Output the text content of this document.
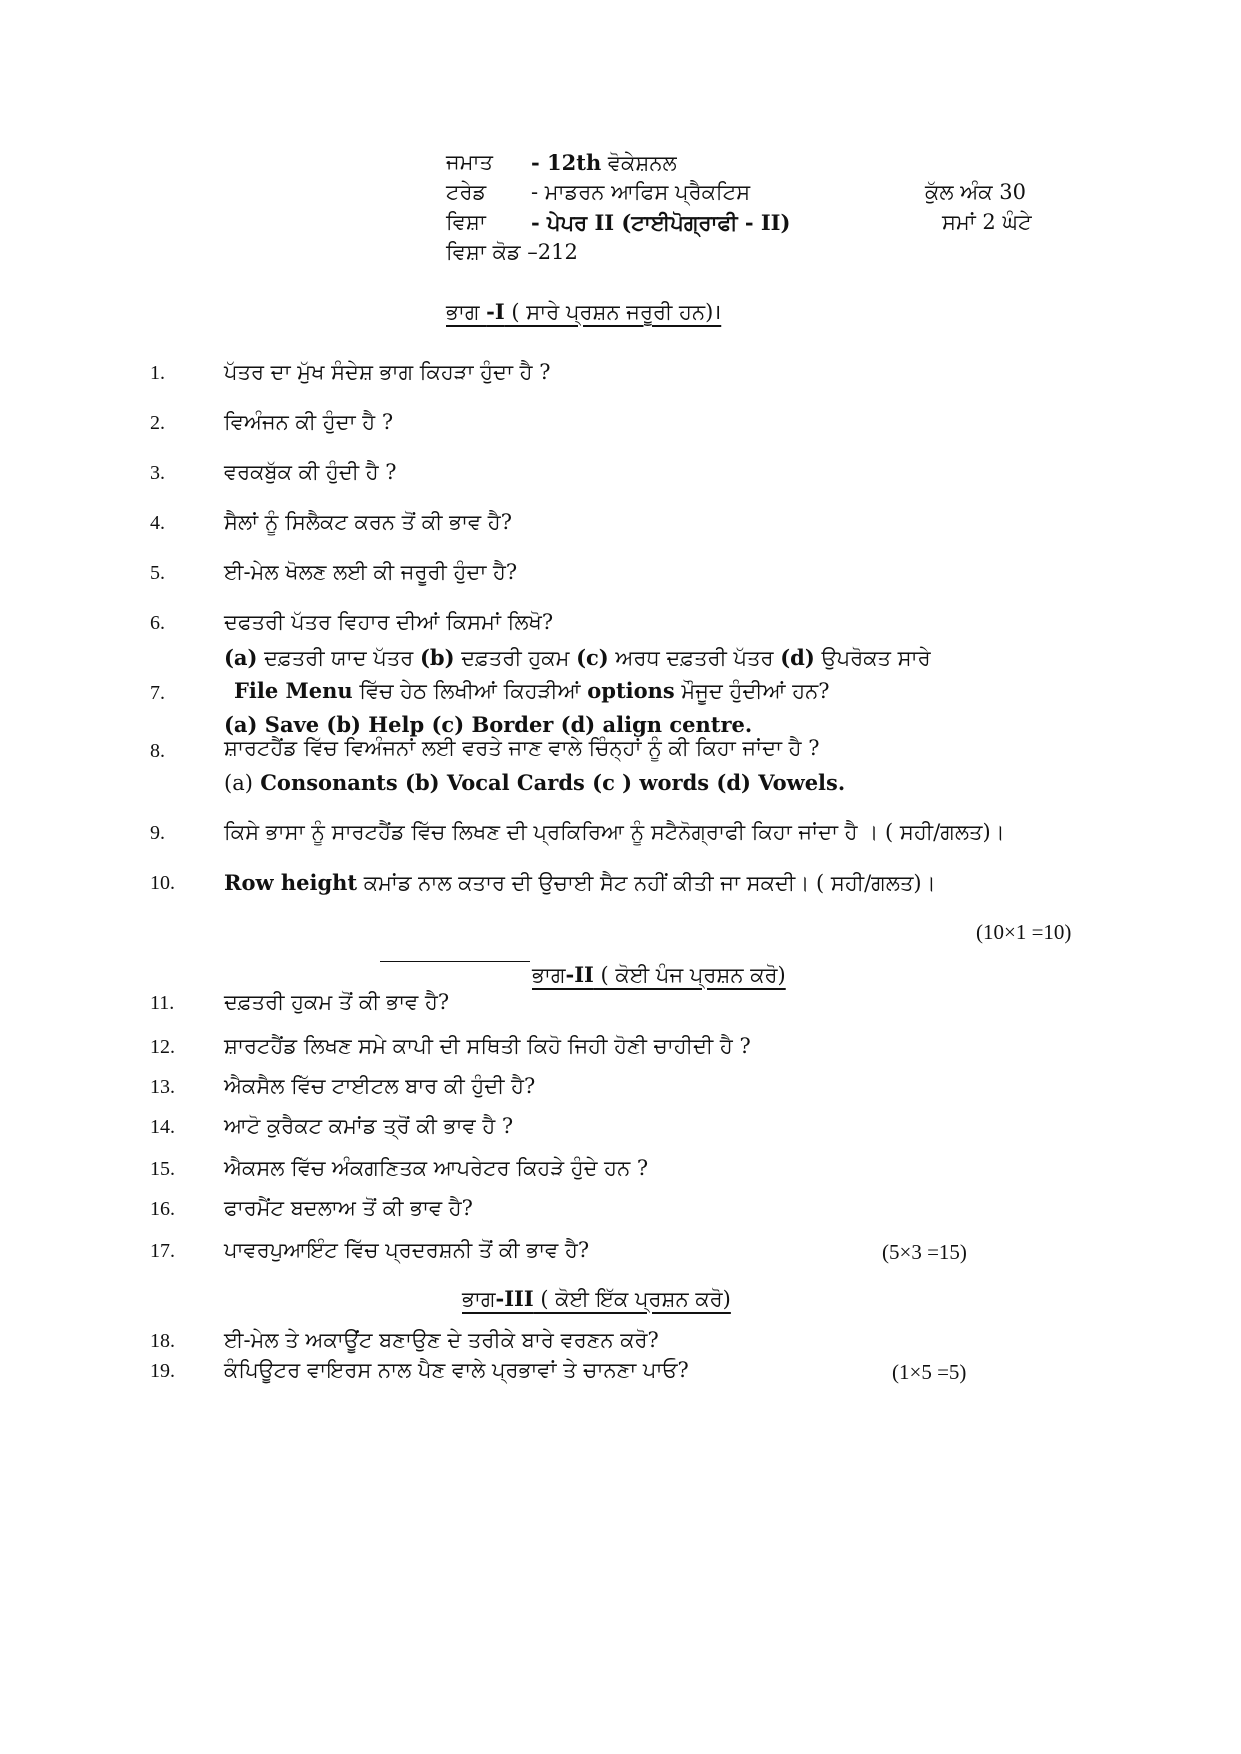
ਜਮਾਤ - 12th ਵੋਕੇਸ਼ਨਲ
ਟਰੇਡ - ਮਾਡਰਨ ਆਫਿਸ ਪ੍ਰੈਕਟਿਸ	ਕੁੱਲ ਅੰਕ 30
ਵਿਸ਼ਾ - ਪੇਪਰ II (ਟਾਈਪੋਗ੍ਰਾਫੀ - II)	ਸਮਾਂ 2 ਘੰਟੇ
ਵਿਸ਼ਾ ਕੋਡ –212
ਭਾਗ -I ( ਸਾਰੇ ਪ੍ਰਸ਼ਨ ਜਰੂਰੀ ਹਨ)।
1.	ਪੱਤਰ ਦਾ ਮੁੱਖ ਸੰਦੇਸ਼ ਭਾਗ ਕਿਹੜਾ ਹੁੰਦਾ ਹੈ ?
2.	ਵਿਅੰਜਨ ਕੀ ਹੁੰਦਾ ਹੈ ?
3.	ਵਰਕਬੁੱਕ ਕੀ ਹੁੰਦੀ ਹੈ ?
4.	ਸੈਲਾਂ ਨੂੰ ਸਿਲੈਕਟ ਕਰਨ ਤੋਂ ਕੀ ਭਾਵ ਹੈ?
5.	ਈ-ਮੇਲ ਖੋਲਣ ਲਈ ਕੀ ਜਰੂਰੀ ਹੁੰਦਾ ਹੈ?
6.	ਦਫਤਰੀ ਪੱਤਰ ਵਿਹਾਰ ਦੀਆਂ ਕਿਸਮਾਂ ਲਿਖੋ?
(a) ਦਫ਼ਤਰੀ ਯਾਦ ਪੱਤਰ (b) ਦਫ਼ਤਰੀ ਹੁਕਮ (c) ਅਰਧ ਦਫ਼ਤਰੀ ਪੱਤਰ (d) ਉਪਰੋਕਤ ਸਾਰੇ
7.	File Menu ਵਿੱਚ ਹੇਠ ਲਿਖੀਆਂ ਕਿਹੜੀਆਂ options ਮੌਜੂਦ ਹੁੰਦੀਆਂ ਹਨ?
(a) Save (b) Help (c) Border (d) align centre.
8.	ਸ਼ਾਰਟਹੈਂਡ ਵਿੱਚ ਵਿਅੰਜਨਾਂ ਲਈ ਵਰਤੇ ਜਾਣ ਵਾਲੇ ਚਿੰਨ੍ਹਾਂ ਨੂੰ ਕੀ ਕਿਹਾ ਜਾਂਦਾ ਹੈ ?
(a) Consonants (b) Vocal Cards (c ) words (d) Vowels.
9.	ਕਿਸੇ ਭਾਸਾ ਨੂੰ ਸਾਰਟਹੈਂਡ ਵਿੱਚ ਲਿਖਣ ਦੀ ਪ੍ਰਕਿਰਿਆ ਨੂੰ ਸਟੈਨੋਗ੍ਰਾਫੀ ਕਿਹਾ ਜਾਂਦਾ ਹੈ । ( ਸਹੀ/ਗਲਤ)।
10. Row height ਕਮਾਂਡ ਨਾਲ ਕਤਾਰ ਦੀ ਉਚਾਈ ਸੈਟ ਨਹੀਂ ਕੀਤੀ ਜਾ ਸਕਦੀ। ( ਸਹੀ/ਗਲਤ)।
(10×1 =10)
ਭਾਗ-II ( ਕੋਈ ਪੰਜ ਪ੍ਰਸ਼ਨ ਕਰੋ)
11. ਦਫ਼ਤਰੀ ਹੁਕਮ ਤੋਂ ਕੀ ਭਾਵ ਹੈ?
12. ਸ਼ਾਰਟਹੈਂਡ ਲਿਖਣ ਸਮੇ ਕਾਪੀ ਦੀ ਸਥਿਤੀ ਕਿਹੋ ਜਿਹੀ ਹੋਣੀ ਚਾਹੀਦੀ ਹੈ ?
13. ਐਕਸੈਲ ਵਿੱਚ ਟਾਈਟਲ ਬਾਰ ਕੀ ਹੁੰਦੀ ਹੈ?
14. ਆਟੋ ਕੁਰੈਕਟ ਕਮਾਂਡ ਤ੍ਰੋਂ ਕੀ ਭਾਵ ਹੈ ?
15. ਐਕਸਲ ਵਿੱਚ ਅੰਕਗਣਿਤਕ ਆਪਰੇਟਰ ਕਿਹੜੇ ਹੁੰਦੇ ਹਨ ?
16. ਫਾਰਮੈਂਟ ਬਦਲਾਅ ਤੋਂ ਕੀ ਭਾਵ ਹੈ?
17. ਪਾਵਰਪੁਆਇੰਟ ਵਿੱਚ ਪ੍ਰਦਰਸ਼ਨੀ ਤੋਂ ਕੀ ਭਾਵ ਹੈ?	(5×3 =15)
ਭਾਗ-III ( ਕੋਈ ਇੱਕ ਪ੍ਰਸ਼ਨ ਕਰੋ)
18. ਈ-ਮੇਲ ਤੇ ਅਕਾਊਂਟ ਬਣਾਉਣ ਦੇ ਤਰੀਕੇ ਬਾਰੇ ਵਰਣਨ ਕਰੋ?
19. ਕੰਪਿਊਟਰ ਵਾਇਰਸ ਨਾਲ ਪੈਣ ਵਾਲੇ ਪ੍ਰਭਾਵਾਂ ਤੇ ਚਾਨਣਾ ਪਾਓ?	(1×5 =5)
